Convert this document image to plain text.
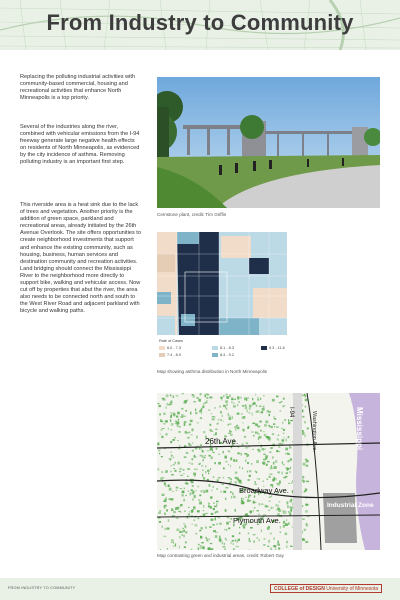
From Industry to Community

Replacing the polluting industrial activities with community-based commercial, housing and recreational activities that enhance North Minneapolis is a top priority.

Several of the industries along the river, combined with vehicular emissions from the I-94 freeway generate large negative health effects on residents of North Minneapolis, as evidenced by the city incidence of asthma. Removing polluting industry is an important first step.

This riverside area is a heat sink due to the lack of trees and vegetation. Another priority is the addition of green space, parkland and recreational areas, already initiated by the 26th Avenue Overlook. The site offers opportunities to create neighborhood investments that support and enhance the existing community, such as housing, business, human services and destination community and recreation activities. Land bridging should connect the Mississippi River to the neighborhood more directly to support bike, walking and vehicular access. Now cut off by properties that abut the river, the area also needs to be connected north and south to the West River Road and adjacent parkland with bicycle and walking paths.

Cemstone plant, credit: Tim Griffin
Rate of Cases
6.0 - 7.3
7.4 - 8.0
8.1 - 8.3
8.4 - 9.2
9.3 - 11.6
Map showing asthma distribution in North Minneapolis
26th Ave.
Broadway Ave.
Plymouth Ave.
I-94	Washington Ave.	Mississippi
Industrial Zone
Map contrasting green and industrial areas, credit: Robert Gay
FROM INDUSTRY TO COMMUNITY	COLLEGE of DESIGN University of Minnesota
